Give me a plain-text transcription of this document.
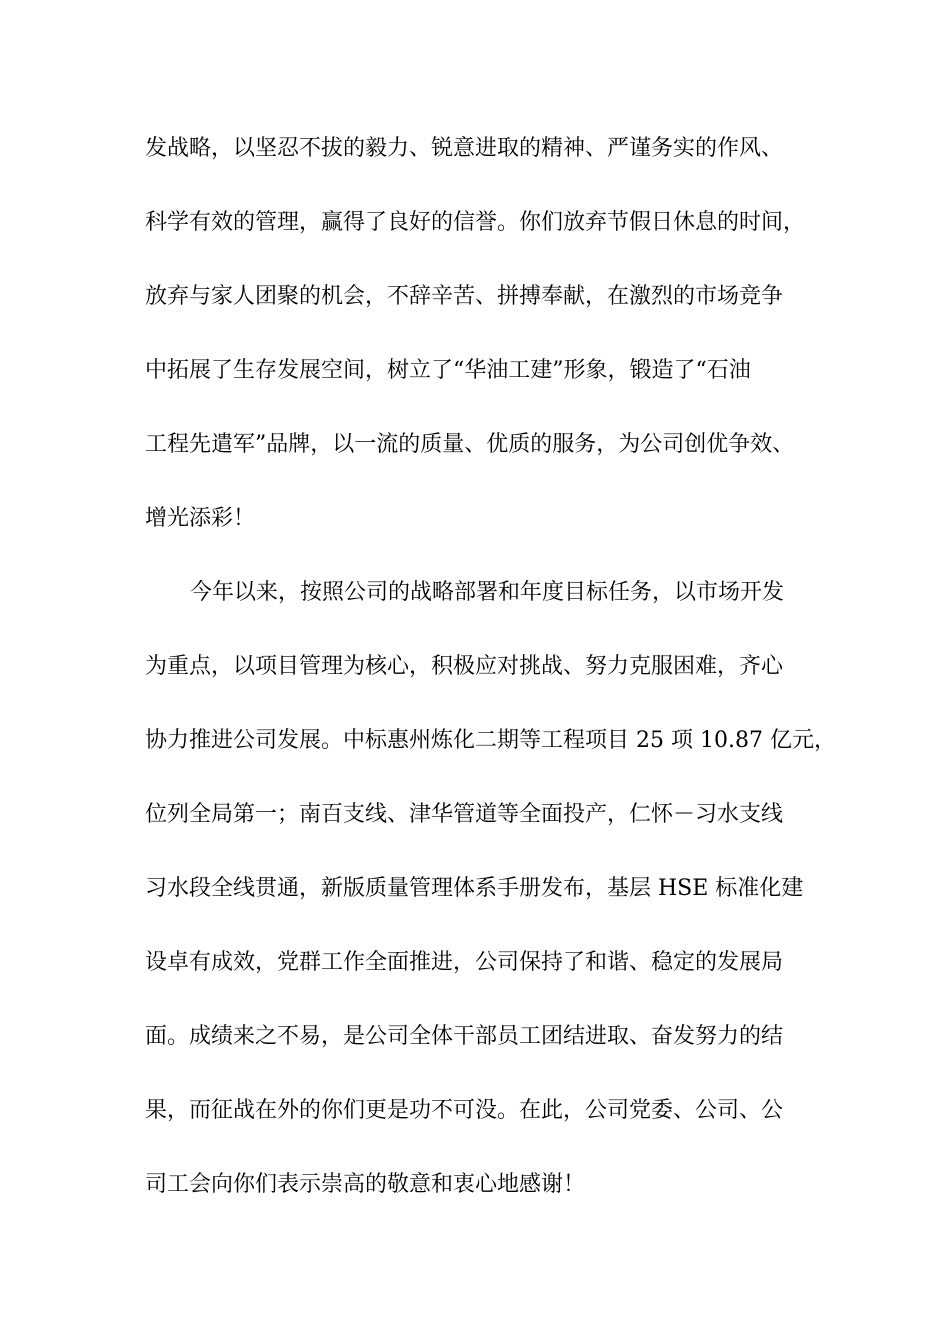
发战略，以坚忍不拔的毅力、锐意进取的精神、严谨务实的作风、
科学有效的管理，赢得了良好的信誉。你们放弃节假日休息的时间，
放弃与家人团聚的机会，不辞辛苦、拼搏奉献，在激烈的市场竞争
中拓展了生存发展空间，树立了“华油工建”形象，锻造了“石油
工程先遣军”品牌，以一流的质量、优质的服务，为公司创优争效、
增光添彩！
今年以来，按照公司的战略部署和年度目标任务，以市场开发
为重点，以项目管理为核心，积极应对挑战、努力克服困难，齐心
协力推进公司发展。中标惠州炼化二期等工程项目 25 项 10.87 亿元，
位列全局第一；南百支线、津华管道等全面投产，仁怀－习水支线
习水段全线贯通，新版质量管理体系手册发布，基层 HSE 标准化建
设卓有成效，党群工作全面推进，公司保持了和谐、稳定的发展局
面。成绩来之不易，是公司全体干部员工团结进取、奋发努力的结
果，而征战在外的你们更是功不可没。在此，公司党委、公司、公
司工会向你们表示崇高的敬意和衷心地感谢！
